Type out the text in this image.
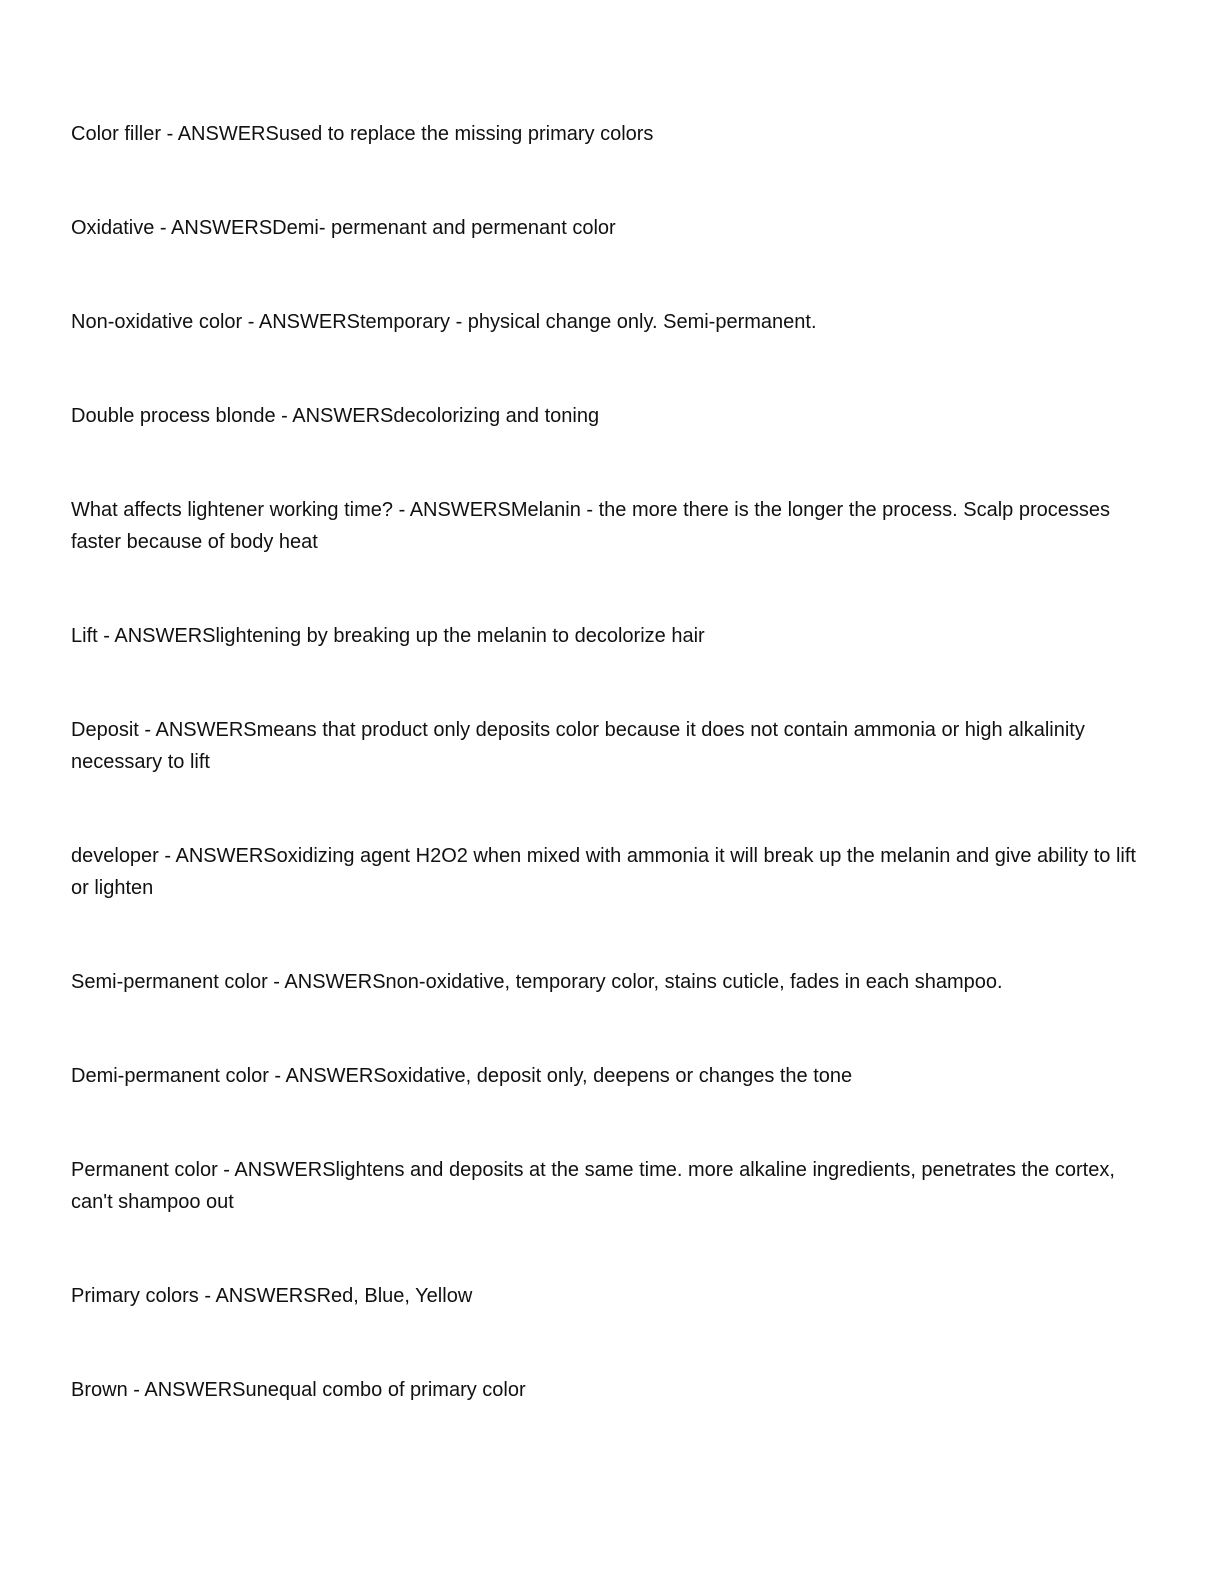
Color filler - ANSWERSused to replace the missing primary colors

Oxidative - ANSWERSDemi- permenant and permenant color

Non-oxidative color - ANSWERStemporary - physical change only. Semi-permanent.

Double process blonde - ANSWERSdecolorizing and toning

What affects lightener working time? - ANSWERSMelanin - the more there is the longer the process. Scalp processes faster because of body heat

Lift - ANSWERSlightening by breaking up the melanin to decolorize hair

Deposit - ANSWERSmeans that product only deposits color because it does not contain ammonia or high alkalinity necessary to lift

developer - ANSWERSoxidizing agent H2O2 when mixed with ammonia it will break up the melanin and give ability to lift or lighten

Semi-permanent color - ANSWERSnon-oxidative, temporary color, stains cuticle, fades in each shampoo.

Demi-permanent color - ANSWERSoxidative, deposit only, deepens or changes the tone

Permanent color - ANSWERSlightens and deposits at the same time. more alkaline ingredients, penetrates the cortex, can't shampoo out

Primary colors - ANSWERSRed, Blue, Yellow

Brown - ANSWERSunequal combo of primary color
